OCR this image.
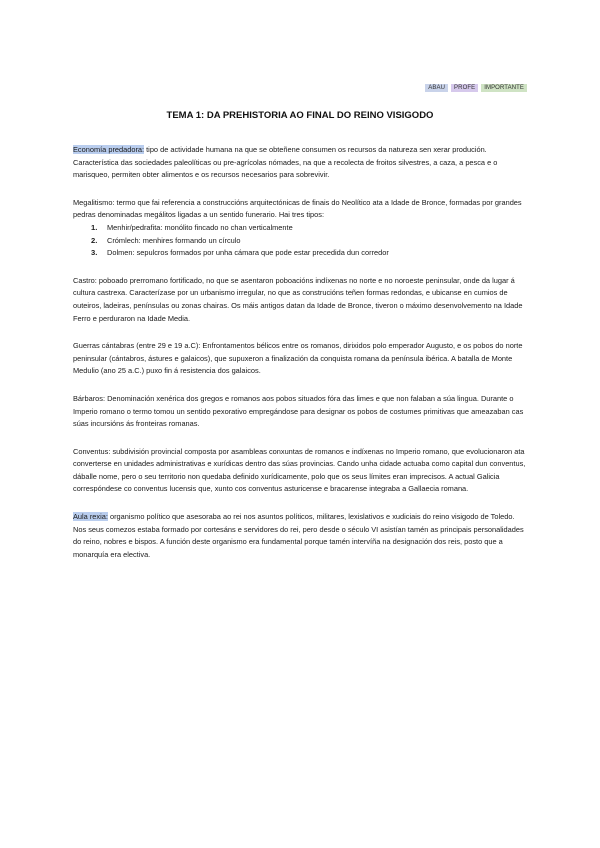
ABAU	PROFE	IMPORTANTE
TEMA 1: DA PREHISTORIA AO FINAL DO REINO VISIGODO

Economía predadora: tipo de actividade humana na que se obteñene consumen os recursos da natureza sen xerar produción. Característica das sociedades paleolíticas ou pre-agrícolas nómades, na que a recolecta de froitos silvestres, a caza, a pesca e o marisqueo, permiten obter alimentos e os recursos necesarios para sobrevivir.

Megalitismo: termo que fai referencia a construccións arquitectónicas de finais do Neolítico ata a Idade de Bronce, formadas por grandes pedras denominadas megálitos ligadas a un sentido funerario. Hai tres tipos:

1.	Menhir/pedrafita: monólito fincado no chan verticalmente
2.	Crómlech: menhires formando un círculo
3.	Dolmen: sepulcros formados por unha cámara que pode estar precedida dun corredor

Castro: poboado prerromano fortificado, no que se asentaron poboacións indíxenas no norte e no noroeste peninsular, onde da lugar á cultura castrexa. Caracterízase por un urbanismo irregular, no que as construcións teñen formas redondas, e ubicanse en cumios de outeiros, ladeiras, penínsulas ou zonas chairas. Os máis antigos datan da Idade de Bronce, tiveron o máximo desenvolvemento na Idade Ferro e perduraron na Idade Media.

Guerras cántabras (entre 29 e 19 a.C): Enfrontamentos bélicos entre os romanos, dirixidos polo emperador Augusto, e os pobos do norte peninsular (cántabros, ástures e galaicos), que supuxeron a finalización da conquista romana da península ibérica. A batalla de Monte Medulio (ano 25 a.C.) puxo fin á resistencia dos galaicos.

Bárbaros: Denominación xenérica dos gregos e romanos aos pobos situados fóra das limes e que non falaban a súa lingua. Durante o Imperio romano o termo tomou un sentido pexorativo empregándose para designar os pobos de costumes primitivas que ameazaban cas súas incursións ás fronteiras romanas.

Conventus: subdivisión provincial composta por asambleas conxuntas de romanos e indíxenas no Imperio romano, que evolucionaron ata converterse en unidades administrativas e xurídicas dentro das súas provincias. Cando unha cidade actuaba como capital dun conventus, dáballe nome, pero o seu territorio non quedaba definido xurídicamente, polo que os seus límites eran imprecisos. A actual Galicia correspóndese co conventus lucensis que, xunto cos conventus asturicense e bracarense integraba a Gallaecia romana.

Aula rexia: organismo político que asesoraba ao rei nos asuntos políticos, militares, lexislativos e xudiciais do reino visigodo de Toledo. Nos seus comezos estaba formado por cortesáns e servidores do rei, pero desde o século VI asistían tamén as principais personalidades do reino, nobres e bispos. A función deste organismo era fundamental porque tamén intervíña na designación dos reis, posto que a monarquía era electiva.
